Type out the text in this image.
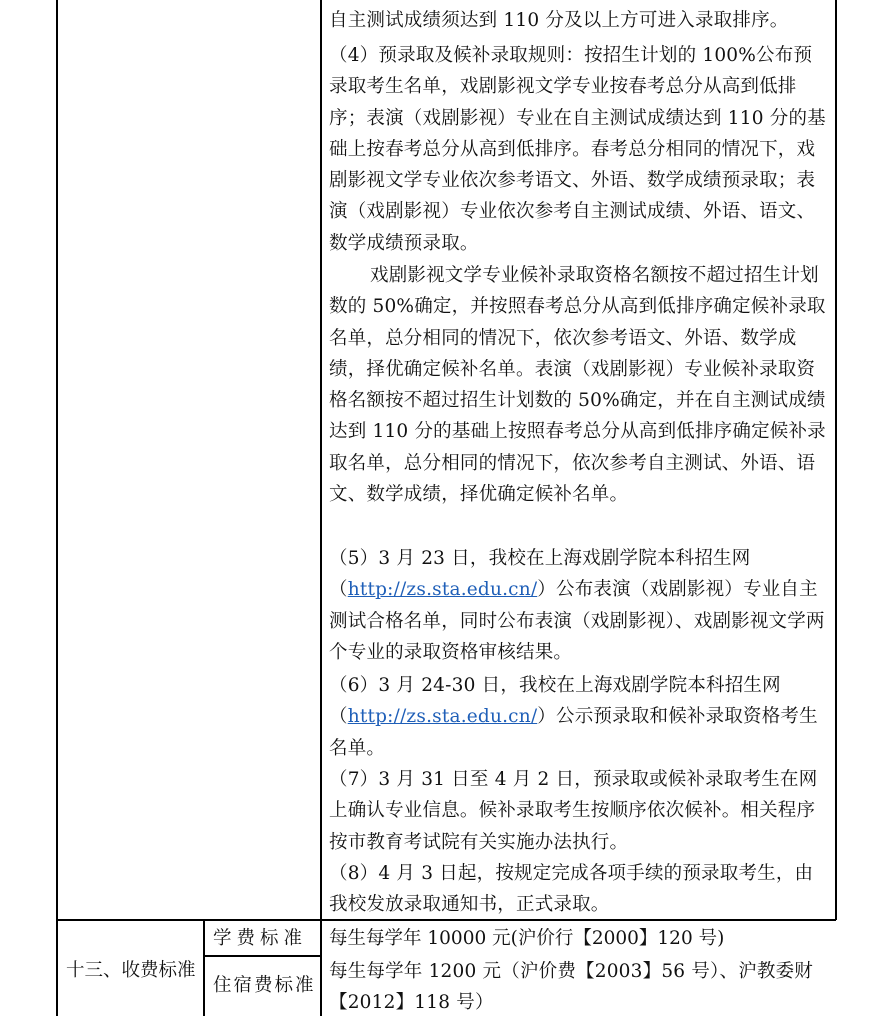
自主测试成绩须达到 110 分及以上方可进入录取排序。

（4）预录取及候补录取规则：按招生计划的 100%公布预录取考生名单，戏剧影视文学专业按春考总分从高到低排序；表演（戏剧影视）专业在自主测试成绩达到 110 分的基础上按春考总分从高到低排序。春考总分相同的情况下，戏剧影视文学专业依次参考语文、外语、数学成绩预录取；表演（戏剧影视）专业依次参考自主测试成绩、外语、语文、数学成绩预录取。

戏剧影视文学专业候补录取资格名额按不超过招生计划数的 50%确定，并按照春考总分从高到低排序确定候补录取名单，总分相同的情况下，依次参考语文、外语、数学成绩，择优确定候补名单。表演（戏剧影视）专业候补录取资格名额按不超过招生计划数的 50%确定，并在自主测试成绩达到 110 分的基础上按照春考总分从高到低排序确定候补录取名单，总分相同的情况下，依次参考自主测试、外语、语文、数学成绩，择优确定候补名单。

（5）3 月 23 日，我校在上海戏剧学院本科招生网（http://zs.sta.edu.cn/）公布表演（戏剧影视）专业自主测试合格名单，同时公布表演（戏剧影视）、戏剧影视文学两个专业的录取资格审核结果。

（6）3 月 24-30 日，我校在上海戏剧学院本科招生网（http://zs.sta.edu.cn/）公示预录取和候补录取资格考生名单。

（7）3 月 31 日至 4 月 2 日，预录取或候补录取考生在网上确认专业信息。候补录取考生按顺序依次候补。相关程序按市教育考试院有关实施办法执行。

（8）4 月 3 日起，按规定完成各项手续的预录取考生，由我校发放录取通知书，正式录取。

十三、收费标准
学费标准 每生每学年 10000 元(沪价行【2000】120 号)
住宿费标准

每生每学年 1200 元（沪价费【2003】56 号）、沪教委财【2012】118 号）
